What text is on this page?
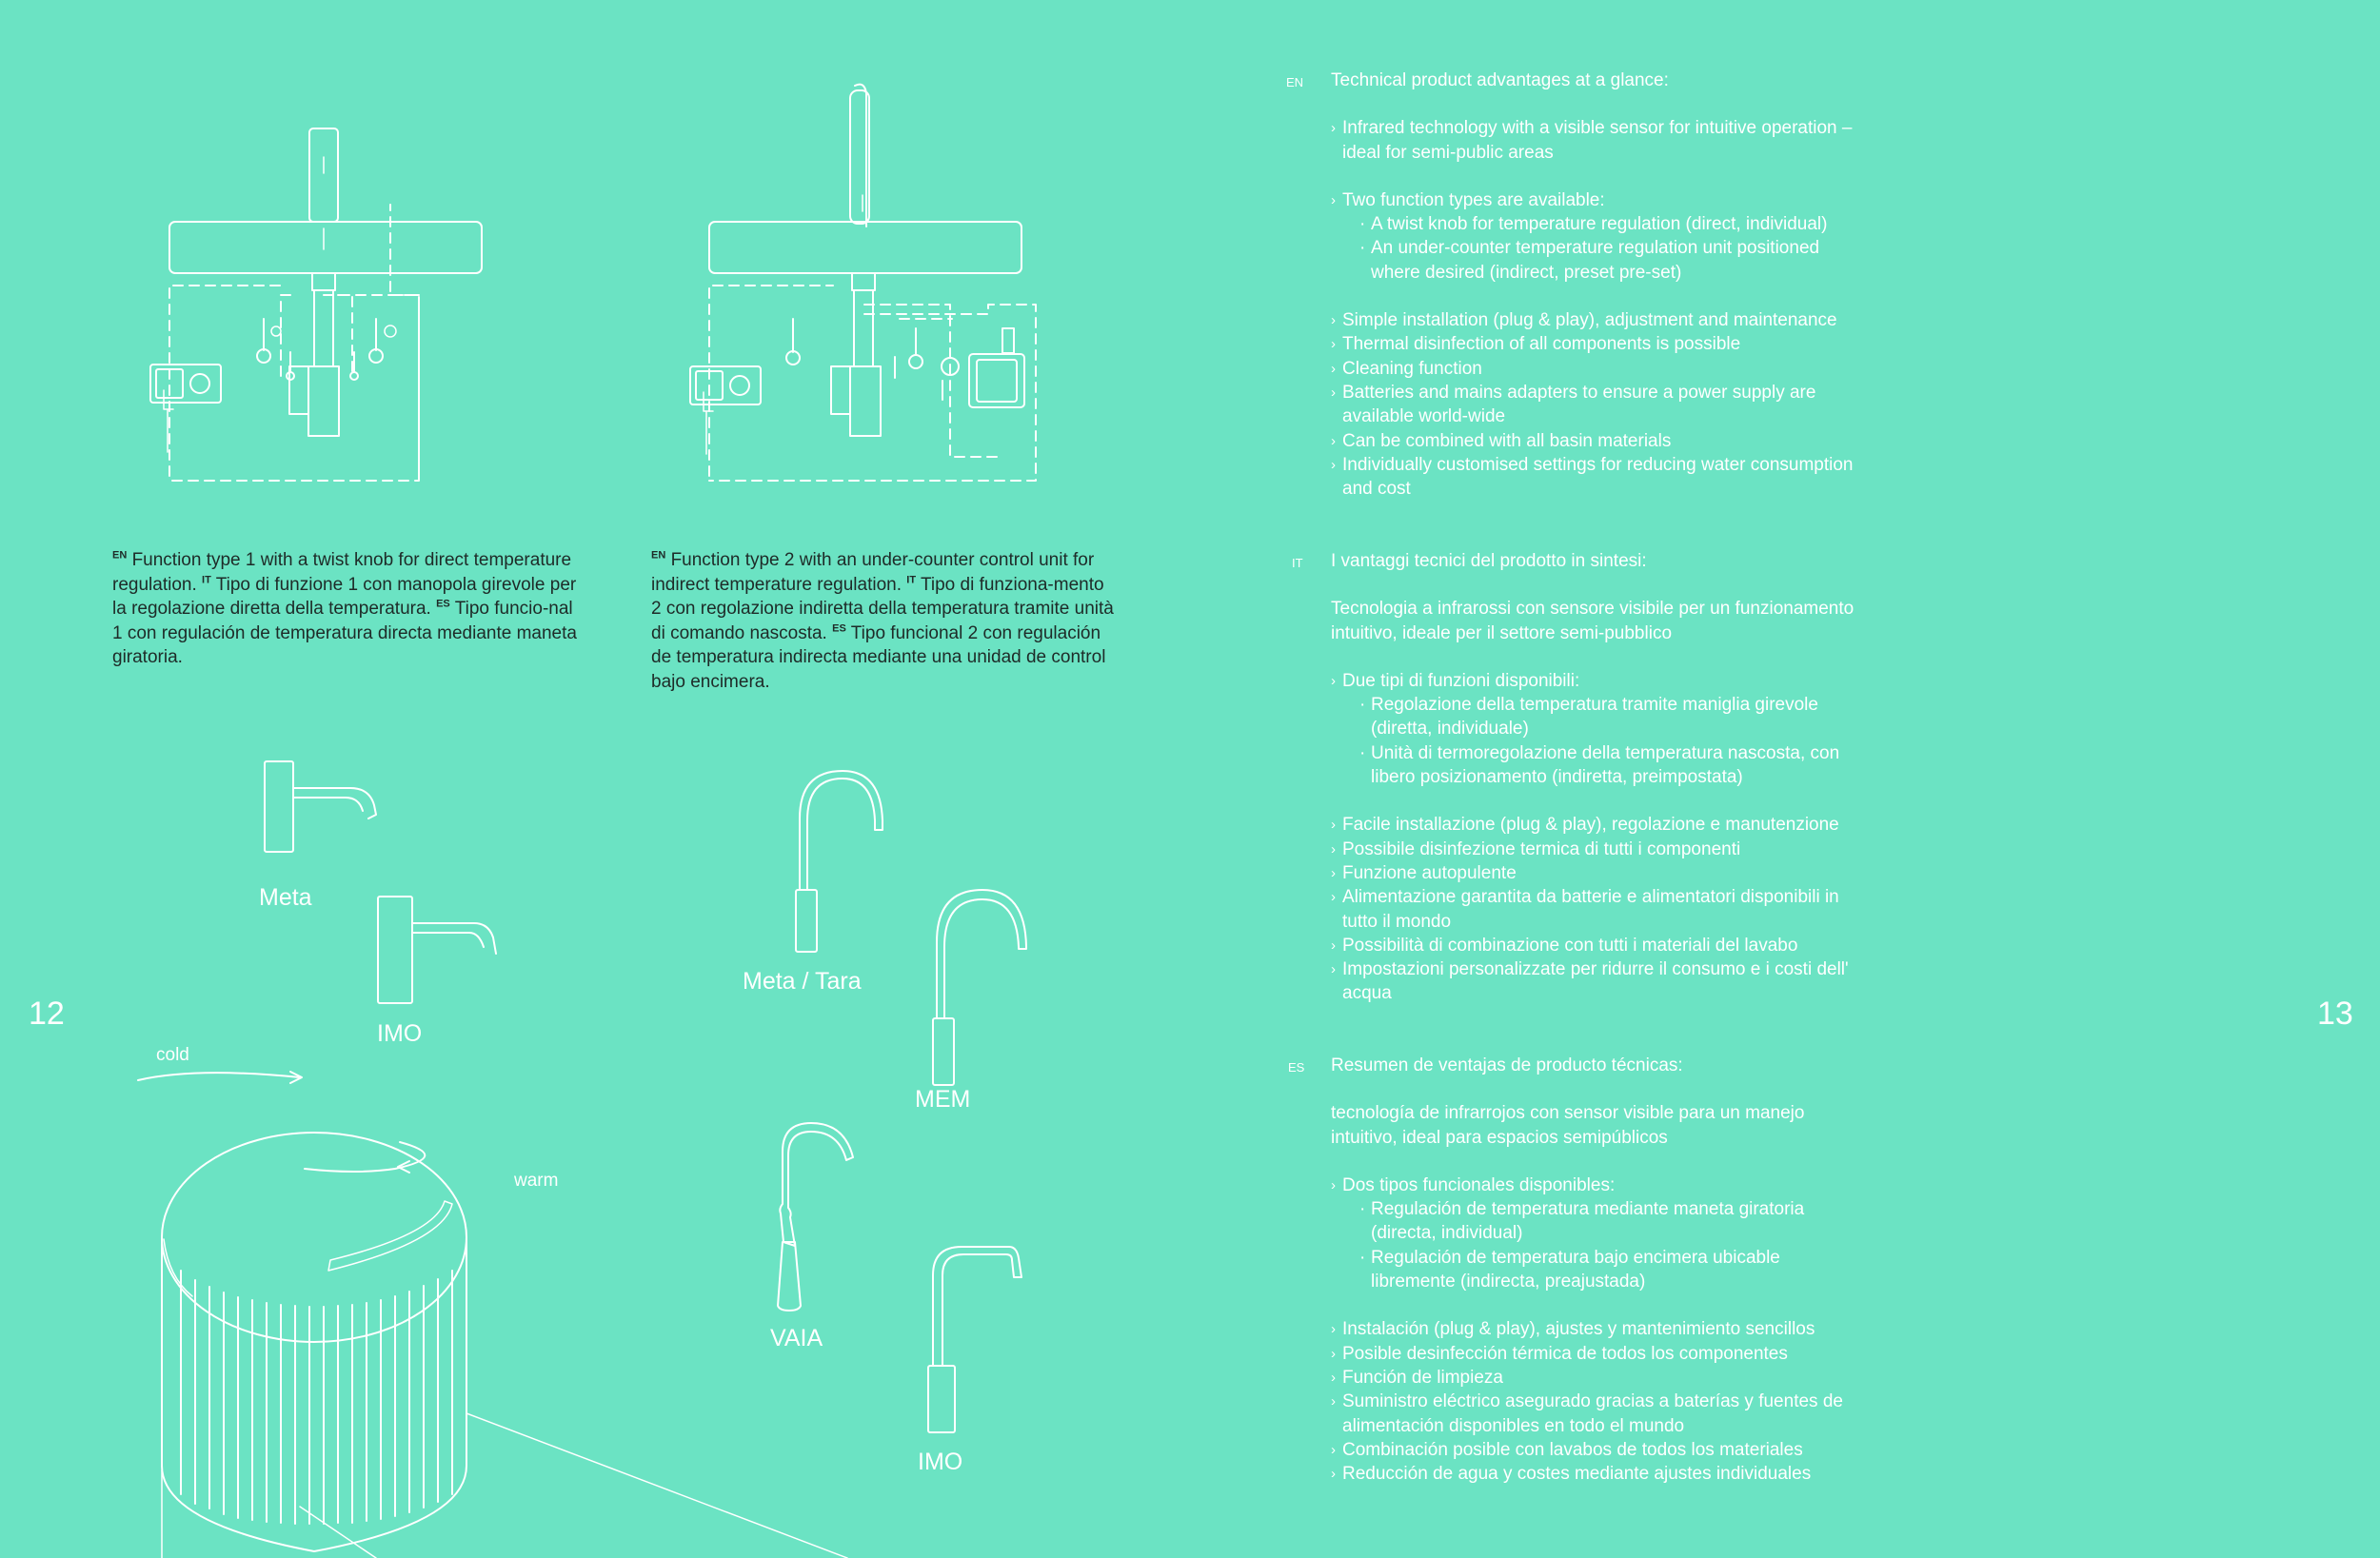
12	13
$^{EN}$ Function type 1 with a twist knob for direct temperature regulation. $^{IT}$ Tipo di funzione 1 con manopola girevole per la regolazione diretta della temperatura. $^{ES}$ Tipo funcio-nal 1 con regulación de temperatura directa mediante maneta giratoria.
$^{EN}$ Function type 2 with an under-counter control unit for indirect temperature regulation. $^{IT}$ Tipo di funziona-mento 2 con regolazione indiretta della temperatura tramite unità di comando nascosta. $^{ES}$ Tipo funcional 2 con regulación de temperatura indirecta mediante una unidad de control bajo encimera.
Meta
IMO
Meta / Tara
MEM
VAIA
IMO
cold
warm
EN
IT
ES
Technical product advantages at a glance:
› Infrared technology with a visible sensor for intuitive operation – ideal for semi-public areas
› Two function types are available:
· A twist knob for temperature regulation (direct, individual)
· An under-counter temperature regulation unit positioned where desired (indirect, preset pre-set)
› Simple installation (plug & play), adjustment and maintenance
› Thermal disinfection of all components is possible
› Cleaning function
› Batteries and mains adapters to ensure a power supply are available world-wide
› Can be combined with all basin materials
› Individually customised settings for reducing water consumption and cost
I vantaggi tecnici del prodotto in sintesi:
Tecnologia a infrarossi con sensore visibile per un funzionamento intuitivo, ideale per il settore semi-pubblico
› Due tipi di funzioni disponibili:
· Regolazione della temperatura tramite maniglia girevole (diretta, individuale)
· Unità di termoregolazione della temperatura nascosta, con libero posizionamento (indiretta, preimpostata)
› Facile installazione (plug & play), regolazione e manutenzione
› Possibile disinfezione termica di tutti i componenti
› Funzione autopulente
› Alimentazione garantita da batterie e alimentatori disponibili in tutto il mondo
› Possibilità di combinazione con tutti i materiali del lavabo
› Impostazioni personalizzate per ridurre il consumo e i costi dell' acqua
Resumen de ventajas de producto técnicas:
tecnología de infrarrojos con sensor visible para un manejo intuitivo, ideal para espacios semipúblicos
› Dos tipos funcionales disponibles:
· Regulación de temperatura mediante maneta giratoria (directa, individual)
· Regulación de temperatura bajo encimera ubicable libremente (indirecta, preajustada)
› Instalación (plug & play), ajustes y mantenimiento sencillos
› Posible desinfección térmica de todos los componentes
› Función de limpieza
› Suministro eléctrico asegurado gracias a baterías y fuentes de alimentación disponibles en todo el mundo
› Combinación posible con lavabos de todos los materiales
› Reducción de agua y costes mediante ajustes individuales
